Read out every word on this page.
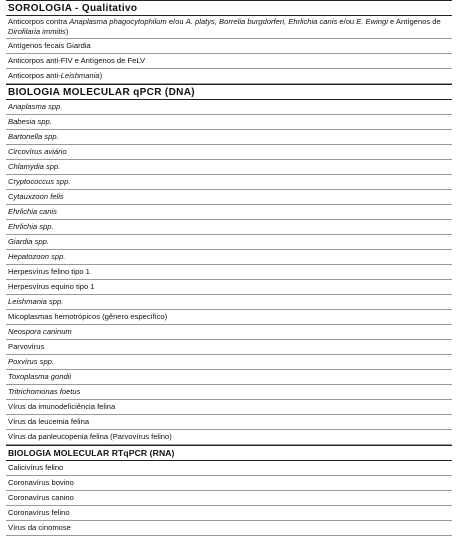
SOROLOGIA - Qualitativo
Anticorpos contra Anaplasma phagocytophilum e/ou A. platys, Borrelia burgdorferi, Ehrlichia canis e/ou E. Ewingi e Antígenos de Dirofilaria immitis)
Antígenos fecais Giardia
Anticorpos anti-FIV e Antígenos de FeLV
Anticorpos anti-Leishmania)
BIOLOGIA MOLECULAR qPCR (DNA)
Anaplasma spp.
Babesia spp.
Bartonella spp.
Circovírus aviário
Chlamydia spp.
Cryptococcus spp.
Cytauxzoon felis
Ehrlichia canis
Ehrlichia spp.
Giardia spp.
Hepatozoon spp.
Herpesvírus felino tipo 1
Herpesvírus equino tipo 1
Leishmania spp.
Micoplasmas hemotrópicos (gênero específico)
Neospora caninum
Parvovírus
Poxvírus spp.
Toxoplasma gondii
Tritrichomonas foetus
Vírus da imunodeficiência felina
Vírus da leucemia felina
Vírus da panleucopenia felina (Parvovírus felino)
BIOLOGIA MOLECULAR RTqPCR (RNA)
Calicivírus felino
Coronavírus bovino
Coronavírus canino
Coronavírus felino
Vírus da cinomose
